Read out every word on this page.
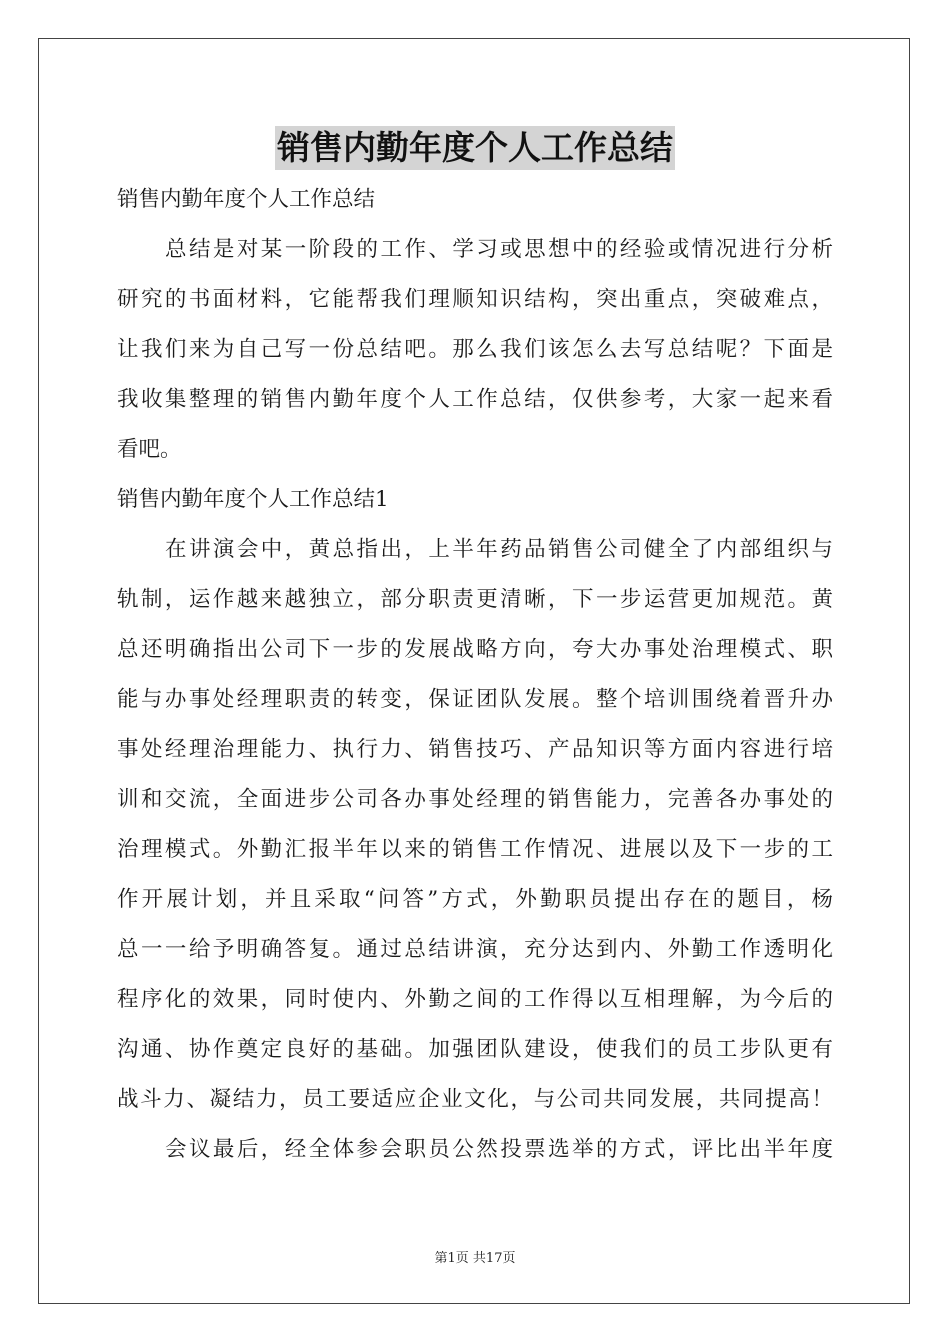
销售内勤年度个人工作总结
销售内勤年度个人工作总结
总结是对某一阶段的工作、学习或思想中的经验或情况进行分析
研究的书面材料，它能帮我们理顺知识结构，突出重点，突破难点，
让我们来为自己写一份总结吧。那么我们该怎么去写总结呢？下面是
我收集整理的销售内勤年度个人工作总结，仅供参考，大家一起来看
看吧。
销售内勤年度个人工作总结1
在讲演会中，黄总指出，上半年药品销售公司健全了内部组织与
轨制，运作越来越独立，部分职责更清晰，下一步运营更加规范。黄
总还明确指出公司下一步的发展战略方向，夸大办事处治理模式、职
能与办事处经理职责的转变，保证团队发展。整个培训围绕着晋升办
事处经理治理能力、执行力、销售技巧、产品知识等方面内容进行培
训和交流，全面进步公司各办事处经理的销售能力，完善各办事处的
治理模式。外勤汇报半年以来的销售工作情况、进展以及下一步的工
作开展计划，并且采取“问答”方式，外勤职员提出存在的题目，杨
总一一给予明确答复。通过总结讲演，充分达到内、外勤工作透明化
程序化的效果，同时使内、外勤之间的工作得以互相理解，为今后的
沟通、协作奠定良好的基础。加强团队建设，使我们的员工步队更有
战斗力、凝结力，员工要适应企业文化，与公司共同发展，共同提高！
会议最后，经全体参会职员公然投票选举的方式，评比出半年度
第1页 共17页
